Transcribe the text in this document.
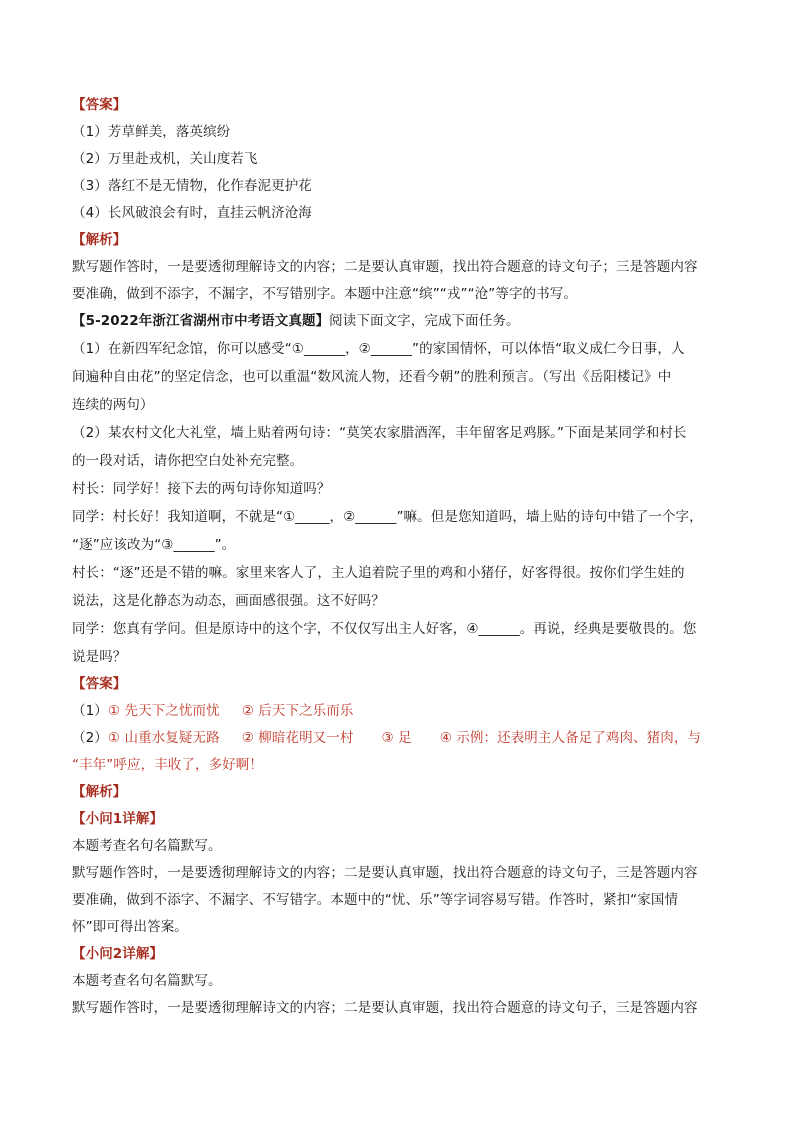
【答案】
（1）芳草鲜美，落英缤纷
（2）万里赴戎机，关山度若飞
（3）落红不是无情物，化作春泥更护花
（4）长风破浪会有时，直挂云帆济沧海
【解析】
默写题作答时，一是要透彻理解诗文的内容；二是要认真审题，找出符合题意的诗文句子；三是答题内容
要准确，做到不添字，不漏字，不写错别字。本题中注意“缤”“戎”“沧”等字的书写。
【5-2022年浙江省湖州市中考语文真题】阅读下面文字，完成下面任务。
（1）在新四军纪念馆，你可以感受“①______，②______”的家国情怀，可以体悟“取义成仁今日事，人
间遍种自由花”的坚定信念，也可以重温“数风流人物，还看今朝”的胜利预言。（写出《岳阳楼记》中
连续的两句）
（2）某农村文化大礼堂，墙上贴着两句诗：“莫笑农家腊酒浑，丰年留客足鸡豚。”下面是某同学和村长
的一段对话，请你把空白处补充完整。
村长：同学好！接下去的两句诗你知道吗？
同学：村长好！我知道啊，不就是“①_____，②______”嘛。但是您知道吗，墙上贴的诗句中错了一个字，
“逐”应该改为“③______”。
村长：“逐”还是不错的嘛。家里来客人了，主人追着院子里的鸡和小猪仔，好客得很。按你们学生娃的
说法，这是化静态为动态，画面感很强。这不好吗？
同学：您真有学问。但是原诗中的这个字，不仅仅写出主人好客，④______。再说，经典是要敬畏的。您
说是吗？
【答案】
（1）① 先天下之忧而忧 ② 后天下之乐而乐
（2）① 山重水复疑无路 ② 柳暗花明又一村 ③ 足 ④ 示例：还表明主人备足了鸡肉、猪肉，与
“丰年”呼应，丰收了，多好啊！
【解析】
【小问1详解】
本题考查名句名篇默写。
默写题作答时，一是要透彻理解诗文的内容；二是要认真审题，找出符合题意的诗文句子，三是答题内容
要准确，做到不添字、不漏字、不写错字。本题中的“忧、乐”等字词容易写错。作答时，紧扣“家国情
怀”即可得出答案。
【小问2详解】
本题考查名句名篇默写。
默写题作答时，一是要透彻理解诗文的内容；二是要认真审题，找出符合题意的诗文句子，三是答题内容
